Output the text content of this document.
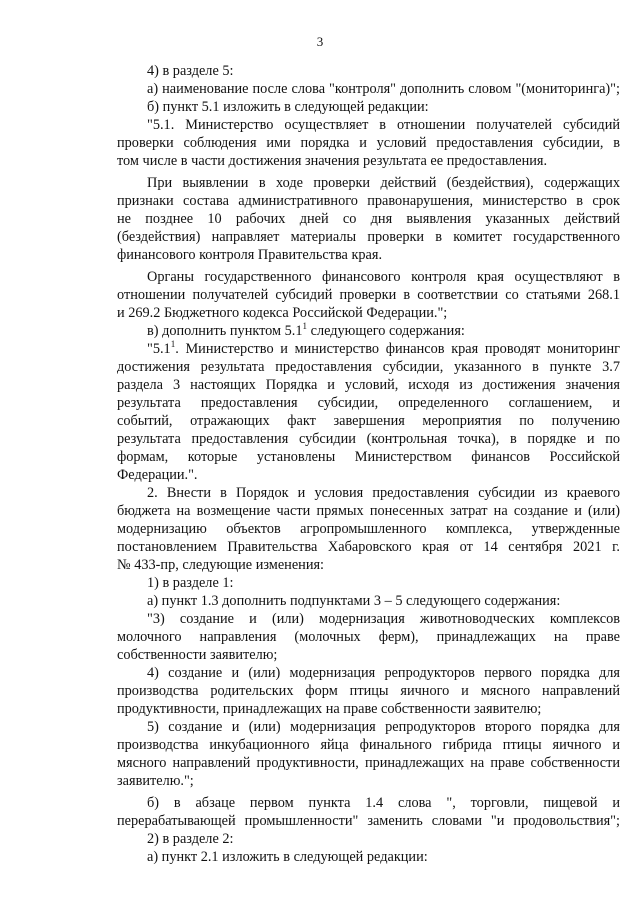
3
4) в разделе 5:
а) наименование после слова "контроля" дополнить словом "(мониторинга)";
б) пункт 5.1 изложить в следующей редакции:
"5.1. Министерство осуществляет в отношении получателей субсидий
проверки соблюдения ими порядка и условий предоставления субсидии, в
том числе в части достижения значения результата ее предоставления.
При выявлении в ходе проверки действий (бездействия), содержащих
признаки состава административного правонарушения, министерство в срок
не позднее 10 рабочих дней со дня выявления указанных действий
(бездействия) направляет материалы проверки в комитет государственного
финансового контроля Правительства края.
Органы государственного финансового контроля края осуществляют в
отношении получателей субсидий проверки в соответствии со статьями 268.1
и 269.2 Бюджетного кодекса Российской Федерации.";
в) дополнить пунктом $5.1^1$ следующего содержания:
"$5.1^1$. Министерство и министерство финансов края проводят мониторинг
достижения результата предоставления субсидии, указанного в пункте 3.7
раздела 3 настоящих Порядка и условий, исходя из достижения значения
результата предоставления субсидии, определенного соглашением, и
событий, отражающих факт завершения мероприятия по получению
результата предоставления субсидии (контрольная точка), в порядке и по
формам, которые установлены Министерством финансов Российской
Федерации.".
2. Внести в Порядок и условия предоставления субсидии из краевого
бюджета на возмещение части прямых понесенных затрат на создание и (или)
модернизацию объектов агропромышленного комплекса, утвержденные
постановлением Правительства Хабаровского края от 14 сентября 2021 г.
№ 433-пр, следующие изменения:
1) в разделе 1:
а) пункт 1.3 дополнить подпунктами 3 – 5 следующего содержания:
"3) создание и (или) модернизация животноводческих комплексов
молочного направления (молочных ферм), принадлежащих на праве
собственности заявителю;
4) создание и (или) модернизация репродукторов первого порядка для
производства родительских форм птицы яичного и мясного направлений
продуктивности, принадлежащих на праве собственности заявителю;
5) создание и (или) модернизация репродукторов второго порядка для
производства инкубационного яйца финального гибрида птицы яичного и
мясного направлений продуктивности, принадлежащих на праве собственности
заявителю.";
б) в абзаце первом пункта 1.4 слова ", торговли, пищевой и
перерабатывающей промышленности" заменить словами "и продовольствия";
2) в разделе 2:
а) пункт 2.1 изложить в следующей редакции:
